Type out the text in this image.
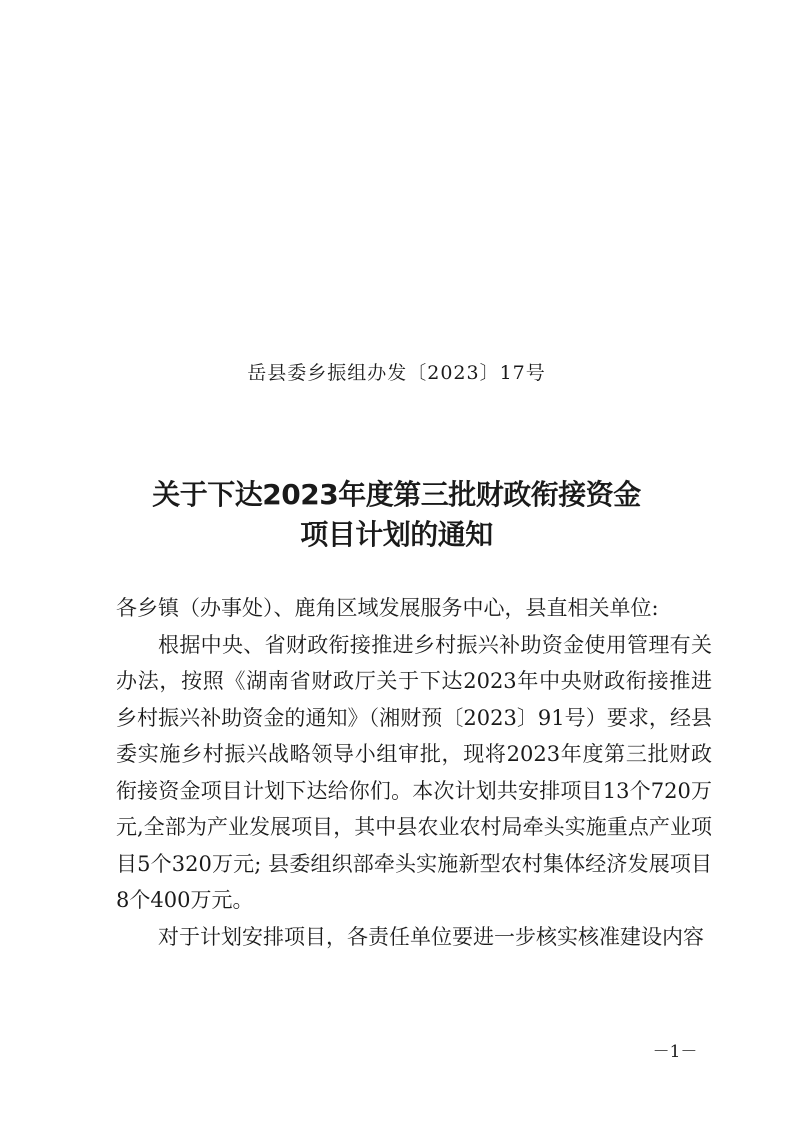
岳县委乡振组办发〔2023〕17号
关于下达2023年度第三批财政衔接资金
项目计划的通知

各乡镇（办事处）、鹿角区域发展服务中心，县直相关单位:

根据中央、省财政衔接推进乡村振兴补助资金使用管理有关办法，按照《湖南省财政厅关于下达2023年中央财政衔接推进乡村振兴补助资金的通知》（湘财预〔2023〕91号）要求，经县委实施乡村振兴战略领导小组审批，现将2023年度第三批财政衔接资金项目计划下达给你们。本次计划共安排项目13个720万元,全部为产业发展项目，其中县农业农村局牵头实施重点产业项目5个320万元; 县委组织部牵头实施新型农村集体经济发展项目8个400万元。

对于计划安排项目，各责任单位要进一步核实核准建设内容

－1－
